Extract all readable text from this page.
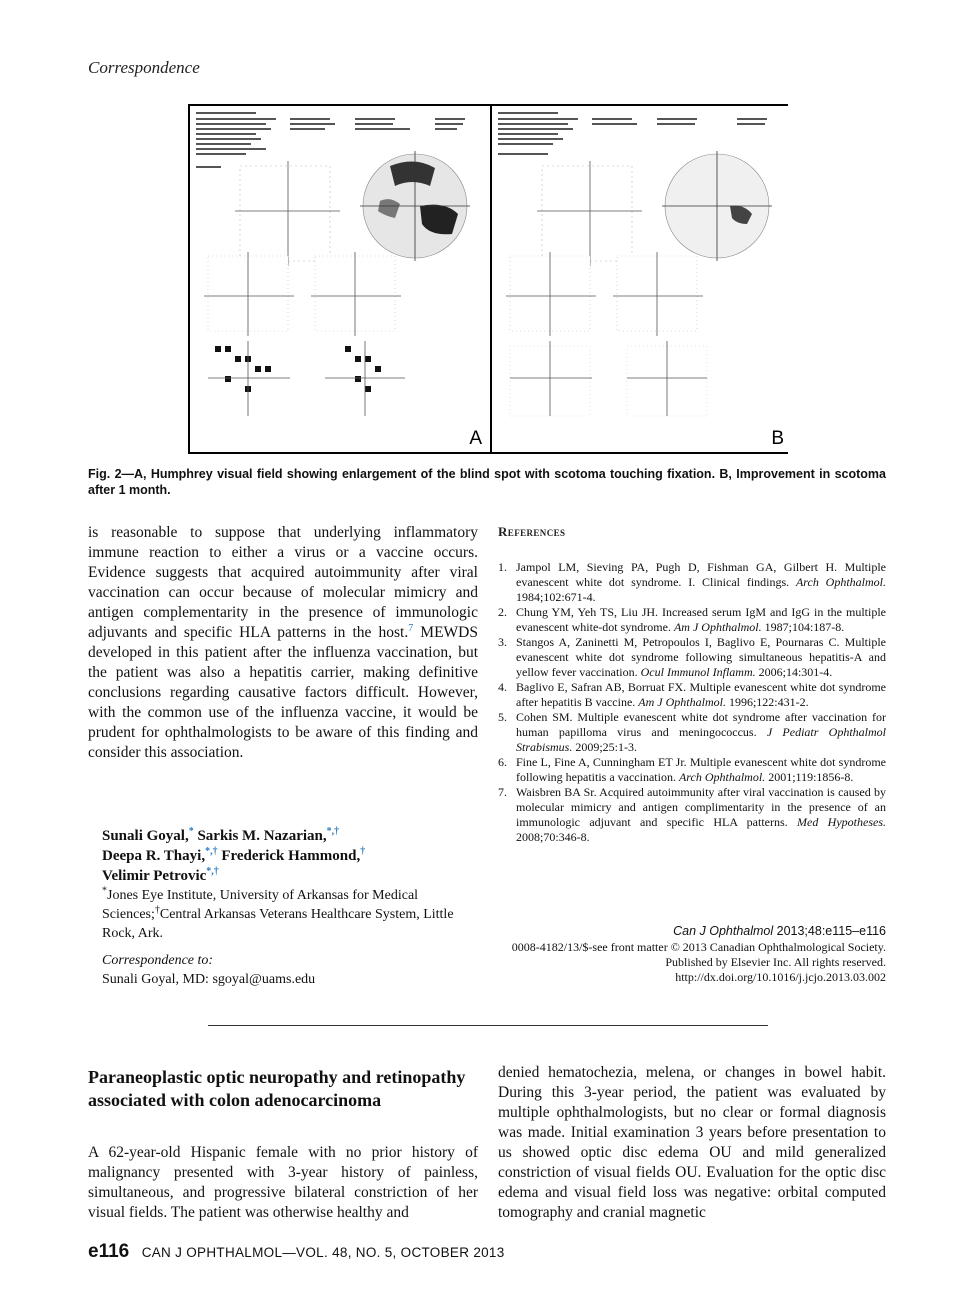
Correspondence
A	B
Fig. 2—A, Humphrey visual field showing enlargement of the blind spot with scotoma touching fixation. B, Improvement in scotoma after 1 month.
is reasonable to suppose that underlying inflammatory immune reaction to either a virus or a vaccine occurs. Evidence suggests that acquired autoimmunity after viral vaccination can occur because of molecular mimicry and antigen complementarity in the presence of immunologic adjuvants and specific HLA patterns in the host.$^7$ MEWDS developed in this patient after the influenza vaccination, but the patient was also a hepatitis carrier, making definitive conclusions regarding causative factors difficult. However, with the common use of the influenza vaccine, it would be prudent for ophthalmologists to be aware of this finding and consider this association.
Sunali Goyal,* Sarkis M. Nazarian,*,†
Deepa R. Thayi,*,† Frederick Hammond,†
Velimir Petrovic*,†
*Jones Eye Institute, University of Arkansas for Medical Sciences;†Central Arkansas Veterans Healthcare System, Little Rock, Ark.
Correspondence to:
Sunali Goyal, MD: sgoyal@uams.edu
References
1. Jampol LM, Sieving PA, Pugh D, Fishman GA, Gilbert H. Multiple evanescent white dot syndrome. I. Clinical findings. Arch Ophthalmol. 1984;102:671-4.
2. Chung YM, Yeh TS, Liu JH. Increased serum IgM and IgG in the multiple evanescent white-dot syndrome. Am J Ophthalmol. 1987;104:187-8.
3. Stangos A, Zaninetti M, Petropoulos I, Baglivo E, Pournaras C. Multiple evanescent white dot syndrome following simultaneous hepatitis-A and yellow fever vaccination. Ocul Immunol Inflamm. 2006;14:301-4.
4. Baglivo E, Safran AB, Borruat FX. Multiple evanescent white dot syndrome after hepatitis B vaccine. Am J Ophthalmol. 1996;122:431-2.
5. Cohen SM. Multiple evanescent white dot syndrome after vaccination for human papilloma virus and meningococcus. J Pediatr Ophthalmol Strabismus. 2009;25:1-3.
6. Fine L, Fine A, Cunningham ET Jr. Multiple evanescent white dot syndrome following hepatitis a vaccination. Arch Ophthalmol. 2001;119:1856-8.
7. Waisbren BA Sr. Acquired autoimmunity after viral vaccination is caused by molecular mimicry and antigen complimentarity in the presence of an immunologic adjuvant and specific HLA patterns. Med Hypotheses. 2008;70:346-8.
Can J Ophthalmol 2013;48:e115–e116
0008-4182/13/$-see front matter © 2013 Canadian Ophthalmological Society. Published by Elsevier Inc. All rights reserved.
http://dx.doi.org/10.1016/j.jcjo.2013.03.002
Paraneoplastic optic neuropathy and retinopathy associated with colon adenocarcinoma
A 62-year-old Hispanic female with no prior history of malignancy presented with 3-year history of painless, simultaneous, and progressive bilateral constriction of her visual fields. The patient was otherwise healthy and
denied hematochezia, melena, or changes in bowel habit. During this 3-year period, the patient was evaluated by multiple ophthalmologists, but no clear or formal diagnosis was made. Initial examination 3 years before presentation to us showed optic disc edema OU and mild generalized constriction of visual fields OU. Evaluation for the optic disc edema and visual field loss was negative: orbital computed tomography and cranial magnetic
e116 CAN J OPHTHALMOL—VOL. 48, NO. 5, OCTOBER 2013
